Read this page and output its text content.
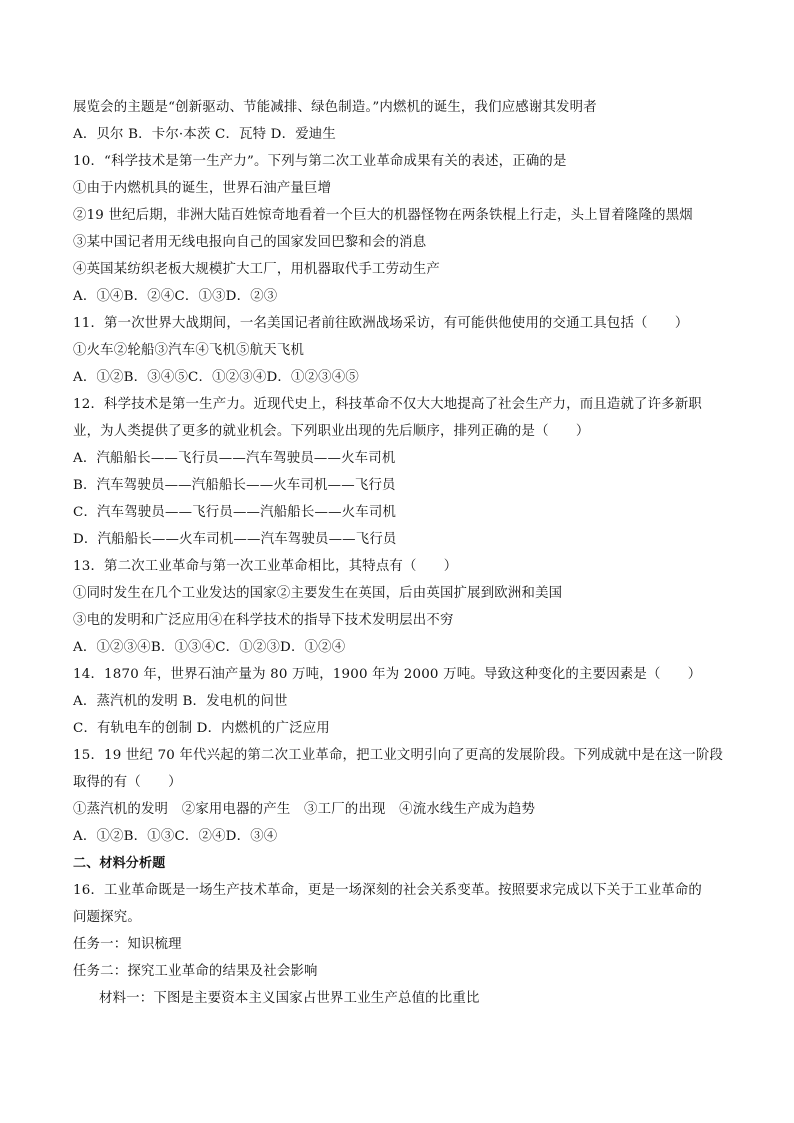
展览会的主题是“创新驱动、节能减排、绿色制造。”内燃机的诞生，我们应感谢其发明者
A．贝尔 B．卡尔·本茨 C．瓦特 D．爱迪生
10．“科学技术是第一生产力”。下列与第二次工业革命成果有关的表述，正确的是
①由于内燃机具的诞生，世界石油产量巨增
②19 世纪后期，非洲大陆百姓惊奇地看着一个巨大的机器怪物在两条铁棍上行走，头上冒着隆隆的黑烟
③某中国记者用无线电报向自己的国家发回巴黎和会的消息
④英国某纺织老板大规模扩大工厂，用机器取代手工劳动生产
A．①④B．②④C．①③D．②③
11．第一次世界大战期间，一名美国记者前往欧洲战场采访，有可能供他使用的交通工具包括（　　）
①火车②轮船③汽车④飞机⑤航天飞机
A．①②B．③④⑤C．①②③④D．①②③④⑤
12．科学技术是第一生产力。近现代史上，科技革命不仅大大地提高了社会生产力，而且造就了许多新职
业，为人类提供了更多的就业机会。下列职业出现的先后顺序，排列正确的是（　　）
A．汽船船长——飞行员——汽车驾驶员——火车司机
B．汽车驾驶员——汽船船长——火车司机——飞行员
C．汽车驾驶员——飞行员——汽船船长——火车司机
D．汽船船长——火车司机——汽车驾驶员——飞行员
13．第二次工业革命与第一次工业革命相比，其特点有（　　）
①同时发生在几个工业发达的国家②主要发生在英国，后由英国扩展到欧洲和美国
③电的发明和广泛应用④在科学技术的指导下技术发明层出不穷
A．①②③④B．①③④C．①②③D．①②④
14．1870 年，世界石油产量为 80 万吨，1900 年为 2000 万吨。导致这种变化的主要因素是（　　）
A．蒸汽机的发明 B．发电机的问世
C．有轨电车的创制 D．内燃机的广泛应用
15．19 世纪 70 年代兴起的第二次工业革命，把工业文明引向了更高的发展阶段。下列成就中是在这一阶段
取得的有（　　）
①蒸汽机的发明　②家用电器的产生　③工厂的出现　④流水线生产成为趋势
A．①②B．①③C．②④D．③④
二、材料分析题
16．工业革命既是一场生产技术革命，更是一场深刻的社会关系变革。按照要求完成以下关于工业革命的
问题探究。
任务一：知识梳理
任务二：探究工业革命的结果及社会影响
材料一：下图是主要资本主义国家占世界工业生产总值的比重比
